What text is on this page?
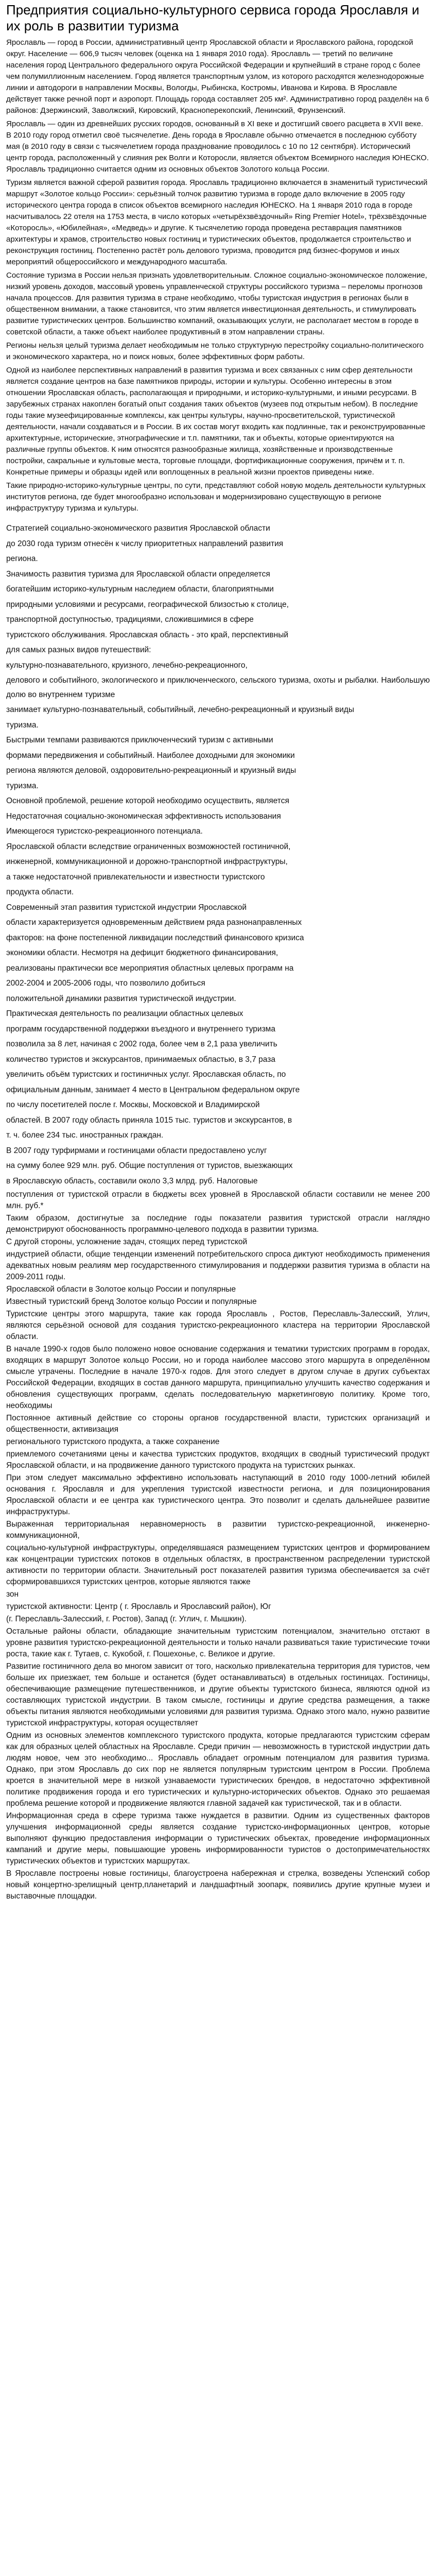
Предприятия социально-культурного сервиса города Ярославля и их роль в развитии туризма

Ярославль — город в России, административный центр Ярославской области и Ярославского района, городской округ. Население — 606,9 тысяч человек (оценка на 1 января 2010 года). Ярославль — третий по величине населения город Центрального федерального округа Российской Федерации и крупнейший в стране город с более чем полумиллионным населением. Город является транспортным узлом, из которого расходятся железнодорожные линии и автодороги в направлении Москвы, Вологды, Рыбинска, Костромы, Иванова и Кирова. В Ярославле действует также речной порт и аэропорт. Площадь города составляет 205 км². Административно город разделён на 6 районов: Дзержинский, Заволжский, Кировский, Красноперекопский, Ленинский, Фрунзенский.

Ярославль — один из древнейших русских городов, основанный в XI веке и достигший своего расцвета в XVII веке. В 2010 году город отметил своё тысячелетие. День города в Ярославле обычно отмечается в последнюю субботу мая (в 2010 году в связи с тысячелетием города празднование проводилось с 10 по 12 сентября). Исторический центр города, расположенный у слияния рек Волги и Которосли, является объектом Всемирного наследия ЮНЕСКО. Ярославль традиционно считается одним из основных объектов Золотого кольца России.

Туризм является важной сферой развития города. Ярославль традиционно включается в знаменитый туристический маршрут «Золотое кольцо России»: серьёзный толчок развитию туризма в городе дало включение в 2005 году исторического центра города в список объектов всемирного наследия ЮНЕСКО. На 1 января 2010 года в городе насчитывалось 22 отеля на 1753 места, в число которых «четырёхзвёздочный» Ring Premier Hotel», трёхзвёздочные «Которосль», «Юбилейная», «Медведь» и другие. К тысячелетию города проведена реставрация памятников архитектуры и храмов, строительство новых гостиниц и туристических объектов, продолжается строительство и реконструкция гостиниц. Постепенно растёт роль делового туризма, проводится ряд бизнес-форумов и иных мероприятий общероссийского и международного масштаба.

Состояние туризма в России нельзя признать удовлетворительным. Сложное социально-экономическое положение, низкий уровень доходов, массовый уровень управленческой структуры российского туризма – переломы прогнозов начала процессов. Для развития туризма в стране необходимо, чтобы туристская индустрия в регионах были в общественном внимании, а также становится, что этим является инвестиционная деятельность, и стимулировать развитие туристических центров. Большинство компаний, оказывающих услуги, не располагает местом в городе в советской области, а также объект наиболее продуктивный в этом направлении страны.

Регионы нельзя целый туризма делает необходимым не только структурную перестройку социально-политического и экономического характера, но и поиск новых, более эффективных форм работы.

Одной из наиболее перспективных направлений в развития туризма и всех связанных с ним сфер деятельности является создание центров на базе памятников природы, истории и культуры. Особенно интересны в этом отношении Ярославская область, располагающая и природными, и историко-культурными, и иными ресурсами. В зарубежных странах накоплен богатый опыт создания таких объектов (музеев под открытым небом). В последние годы такие музеефицированные комплексы, как центры культуры, научно-просветительской, туристической деятельности, начали создаваться и в России. В их состав могут входить как подлинные, так и реконструированные архитектурные, исторические, этнографические и т.п. памятники, так и объекты, которые ориентируются на различные группы объектов. К ним относятся разнообразные жилища, хозяйственные и производственные постройки, сакральные и культовые места, торговые площади, фортификационные сооружения, причём и т. п. Конкретные примеры и образцы идей или воплощенных в реальной жизни проектов приведены ниже.

Такие природно-историко-культурные центры, по сути, представляют собой новую модель деятельности культурных институтов региона, где будет многообразно использован и модернизировано существующую в регионе инфраструктуру туризма и культуры.

Стратегией социально-экономического развития Ярославской области

до 2030 года туризм отнесён к числу приоритетных направлений развития

региона.

Значимость развития туризма для Ярославской области определяется

богатейшим историко-культурным наследием области, благоприятными

природными условиями и ресурсами, географической близостью к столице,

транспортной доступностью, традициями, сложившимися в сфере

туристского обслуживания. Ярославская область - это край, перспективный

для самых разных видов путешествий:

культурно-познавательного, круизного, лечебно-рекреационного,

делового и событийного, экологического и приключенческого, сельского туризма, охоты и рыбалки. Наибольшую долю во внутреннем туризме

занимает культурно-познавательный, событийный, лечебно-рекреационный и круизный виды

туризма.

Быстрыми темпами развиваются приключенческий туризм с активными

формами передвижения и событийный. Наиболее доходными для экономики

региона являются деловой, оздоровительно-рекреационный и круизный виды

туризма.

Основной проблемой, решение которой необходимо осуществить, является

Недостаточная социально-экономическая эффективность использования

Имеющегося туристско-рекреационного потенциала.

Ярославской области вследствие ограниченных возможностей гостиничной,

инженерной, коммуникационной и дорожно-транспортной инфраструктуры,

а также недостаточной привлекательности и известности туристского

продукта области.

Современный этап развития туристской индустрии Ярославской

области характеризуется одновременным действием ряда разнонаправленных

факторов: на фоне постепенной ликвидации последствий финансового кризиса

экономики области. Несмотря на дефицит бюджетного финансирования,

реализованы практически все мероприятия областных целевых программ на

2002-2004 и 2005-2006 годы, что позволило добиться

положительной динамики развития туристической индустрии.

Практическая деятельность по реализации областных целевых

программ государственной поддержки въездного и внутреннего туризма

позволила за 8 лет, начиная с 2002 года, более чем в 2,1 раза увеличить

количество туристов и экскурсантов, принимаемых областью, в 3,7 раза

увеличить объём туристских и гостиничных услуг. Ярославская область, по

официальным данным, занимает 4 место в Центральном федеральном округе

по числу посетителей после г. Москвы, Московской и Владимирской

областей. В 2007 году область приняла 1015 тыс. туристов и экскурсантов, в

т. ч. более 234 тыс. иностранных граждан.

В 2007 году турфирмами и гостиницами области предоставлено услуг

на сумму более 929 млн. руб. Общие поступления от туристов, выезжающих

в Ярославскую область, составили около 3,3 млрд. руб. Налоговые

поступления от туристской отрасли в бюджеты всех уровней в Ярославской области составили не менее 200 млн. руб.*

Таким образом, достигнутые за последние годы показатели развития туристской отрасли наглядно демонстрируют обоснованность программно-целевого подхода в развитии туризма.

С другой стороны, усложнение задач, стоящих перед туристской

индустрией области, общие тенденции изменений потребительского спроса диктуют необходимость применения адекватных новым реалиям мер государственного стимулирования и поддержки развития туризма в области на 2009-2011 годы.

Ярославской области в Золотое кольцо России и популярные

Известный туристский бренд Золотое кольцо России и популярные

Туристские центры этого маршрута, такие как города Ярославль , Ростов, Переславль-Залесский, Углич, являются серьёзной основой для создания туристско-рекреационного кластера на территории Ярославской области.

В начале 1990-х годов было положено новое основание содержания и тематики туристских программ в городах, входящих в маршрут Золотое кольцо России, но и города наиболее массово этого маршрута в определённом смысле утрачены. Последние в начале 1970-х годов. Для этого следует в другом случае в других субъектах Российской Федерации, входящих в состав данного маршрута, принципиально улучшить качество содержания и обновления существующих программ, сделать последовательную маркетинговую политику. Кроме того, необходимы

Постоянное активный действие со стороны органов государственной власти, туристских организаций и общественности, активизация

регионального туристского продукта, а также сохранение

приемлемого сочетаниями цены и качества туристских продуктов, входящих в сводный туристический продукт Ярославской области, и на продвижение данного туристского продукта на туристских рынках.

При этом следует максимально эффективно использовать наступающий в 2010 году 1000-летний юбилей основания г. Ярославля и для укрепления туристской известности региона, и для позиционирования Ярославской области и ее центра как туристического центра. Это позволит и сделать дальнейшее развитие инфраструктуры.

Выраженная территориальная неравномерность в развитии туристско-рекреационной, инженерно-коммуникационной,

социально-культурной инфраструктуры, определявшаяся размещением туристских центров и формированием как концентрации туристских потоков в отдельных областях, в пространственном распределении туристской активности по территории области. Значительный рост показателей развития туризма обеспечивается за счёт сформировавшихся туристских центров, которые являются также

зон

туристской активности: Центр ( г. Ярославль и Ярославский район), Юг

(г. Переславль-Залесский, г. Ростов), Запад (г. Углич, г. Мышкин).

Остальные районы области, обладающие значительным туристским потенциалом, значительно отстают в уровне развития туристско-рекреационной деятельности и только начали развиваться такие туристические точки роста, такие как г. Тутаев, с. Кукобой, г. Пошехонье, с. Великое и другие.

Развитие гостиничного дела во многом зависит от того, насколько привлекательна территория для туристов, чем больше их приезжает, тем больше и останется (будет останавливаться) в отдельных гостиницах. Гостиницы, обеспечивающие размещение путешественников, и другие объекты туристского бизнеса, являются одной из составляющих туристской индустрии. В таком смысле, гостиницы и другие средства размещения, а также объекты питания являются необходимыми условиями для развития туризма. Однако этого мало, нужно развитие туристской инфраструктуры, которая осуществляет

Одним из основных элементов комплексного туристского продукта, которые предлагаются туристским сферам как для образных целей областных на Ярославле. Среди причин — невозможность в туристской индустрии дать людям новое, чем это необходимо... Ярославль обладает огромным потенциалом для развития туризма. Однако, при этом Ярославль до сих пор не является популярным туристским центром в России. Проблема кроется в значительной мере в низкой узнаваемости туристических брендов, в недостаточно эффективной политике продвижения города и его туристических и культурно-исторических объектов. Однако это решаемая проблема решение которой и продвижение являются главной задачей как туристической, так и в области.

Информационная среда в сфере туризма также нуждается в развитии. Одним из существенных факторов улучшения информационной среды является создание туристско-информационных центров, которые выполняют функцию предоставления информации о туристических объектах, проведение информационных кампаний и другие меры, повышающие уровень информированности туристов о достопримечательностях туристических объектов и туристских маршрутах.

В Ярославле построены новые гостиницы, благоустроена набережная и стрелка, возведены Успенский собор новый концертно-зрелищный центр,планетарий и ландшафтный зоопарк, появились другие крупные музеи и выставочные площадки.
